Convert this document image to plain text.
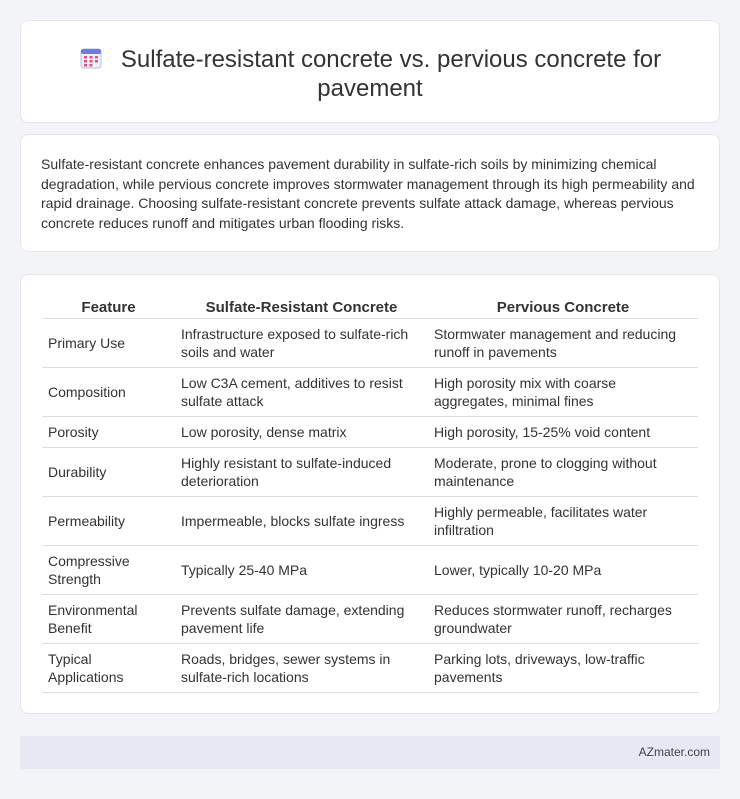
Sulfate-resistant concrete vs. pervious concrete for pavement

Sulfate-resistant concrete enhances pavement durability in sulfate-rich soils by minimizing chemical degradation, while pervious concrete improves stormwater management through its high permeability and rapid drainage. Choosing sulfate-resistant concrete prevents sulfate attack damage, whereas pervious concrete reduces runoff and mitigates urban flooding risks.

Feature	Sulfate-Resistant Concrete	Pervious Concrete
Primary Use	Infrastructure exposed to sulfate-rich soils and water	Stormwater management and reducing runoff in pavements
Composition	Low C3A cement, additives to resist sulfate attack	High porosity mix with coarse aggregates, minimal fines
Porosity	Low porosity, dense matrix	High porosity, 15-25% void content
Durability	Highly resistant to sulfate-induced deterioration	Moderate, prone to clogging without maintenance
Permeability	Impermeable, blocks sulfate ingress	Highly permeable, facilitates water infiltration
Compressive Strength	Typically 25-40 MPa	Lower, typically 10-20 MPa
Environmental Benefit	Prevents sulfate damage, extending pavement life	Reduces stormwater runoff, recharges groundwater
Typical Applications	Roads, bridges, sewer systems in sulfate-rich locations	Parking lots, driveways, low-traffic pavements
AZmater.com
